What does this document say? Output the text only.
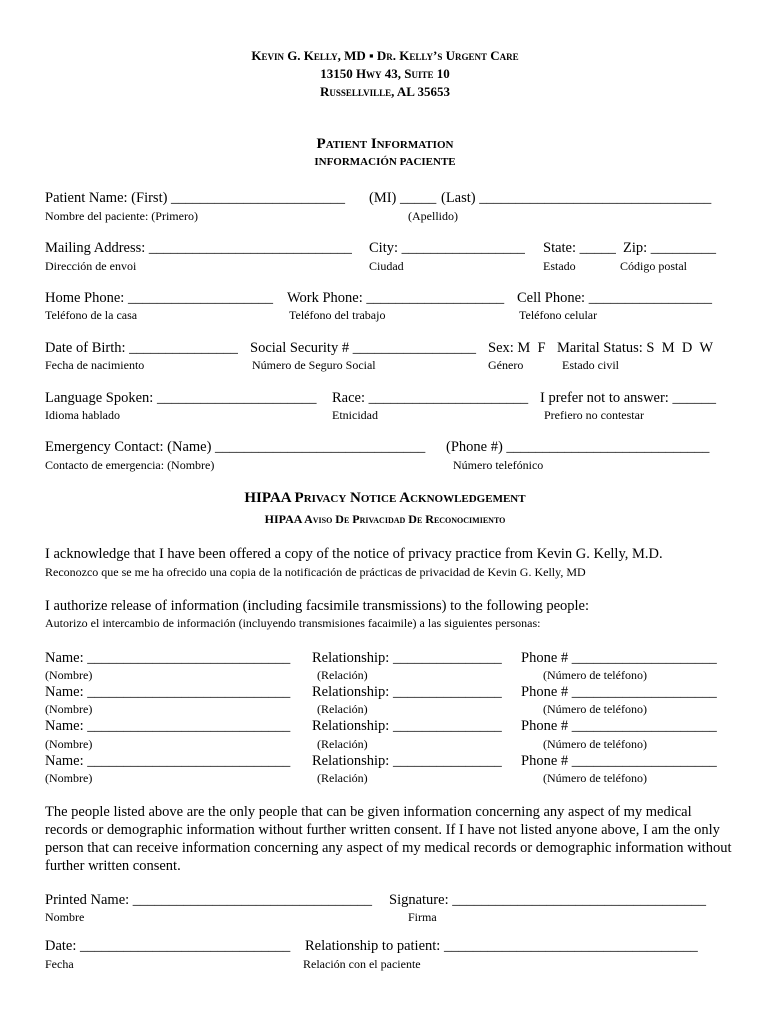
Kevin G. Kelly, MD ▪ Dr. Kelly’s Urgent Care
13150 Hwy 43, Suite 10
Russellville, AL 35653
Patient Information
INFORMACIÓN PACIENTE
Patient Name: (First) ________________________ (MI) _____ (Last) ________________________________
Nombre del paciente: (Primero)	(Apellido)
Mailing Address: ____________________________ City: _________________ State: _____ Zip: _________
Dirección de envoi	Ciudad	Estado	Código postal
Home Phone: ____________________ Work Phone: ___________________ Cell Phone: _________________
Teléfono de la casa	Teléfono del trabajo	Teléfono celular
Date of Birth: _______________ Social Security # _________________ Sex: M  F Marital Status: S  M  D  W
Fecha de nacimiento	Número de Seguro Social	Género	Estado civil
Language Spoken: ______________________ Race: ______________________ I prefer not to answer: ______
Idioma hablado	Etnicidad	Prefiero no contestar
Emergency Contact: (Name) _____________________________ (Phone #) ____________________________
Contacto de emergencia: (Nombre)	Número telefónico
HIPAA Privacy Notice Acknowledgement
HIPAA Aviso De Privacidad De Reconocimiento
I acknowledge that I have been offered a copy of the notice of privacy practice from Kevin G. Kelly, M.D.
Reconozco que se me ha ofrecido una copia de la notificación de prácticas de privacidad de Kevin G. Kelly, MD
I authorize release of information (including facsimile transmissions) to the following people:
Autorizo el intercambio de información (incluyendo transmisiones facaimile) a las siguientes personas:
Name: ____________________________ Relationship: _______________ Phone # ____________________
(Nombre)	(Relación)	(Número de teléfono)
Name: ____________________________ Relationship: _______________ Phone # ____________________
(Nombre)	(Relación)	(Número de teléfono)
Name: ____________________________ Relationship: _______________ Phone # ____________________
(Nombre)	(Relación)	(Número de teléfono)
Name: ____________________________ Relationship: _______________ Phone # ____________________
(Nombre)	(Relación)	(Número de teléfono)
The people listed above are the only people that can be given information concerning any aspect of my medical records or demographic information without further written consent. If I have not listed anyone above, I am the only person that can receive information concerning any aspect of my medical records or demographic information without further written consent.
Printed Name: _________________________________ Signature: ___________________________________
Nombre	Firma
Date: _____________________________ Relationship to patient: ___________________________________
Fecha	Relación con el paciente
